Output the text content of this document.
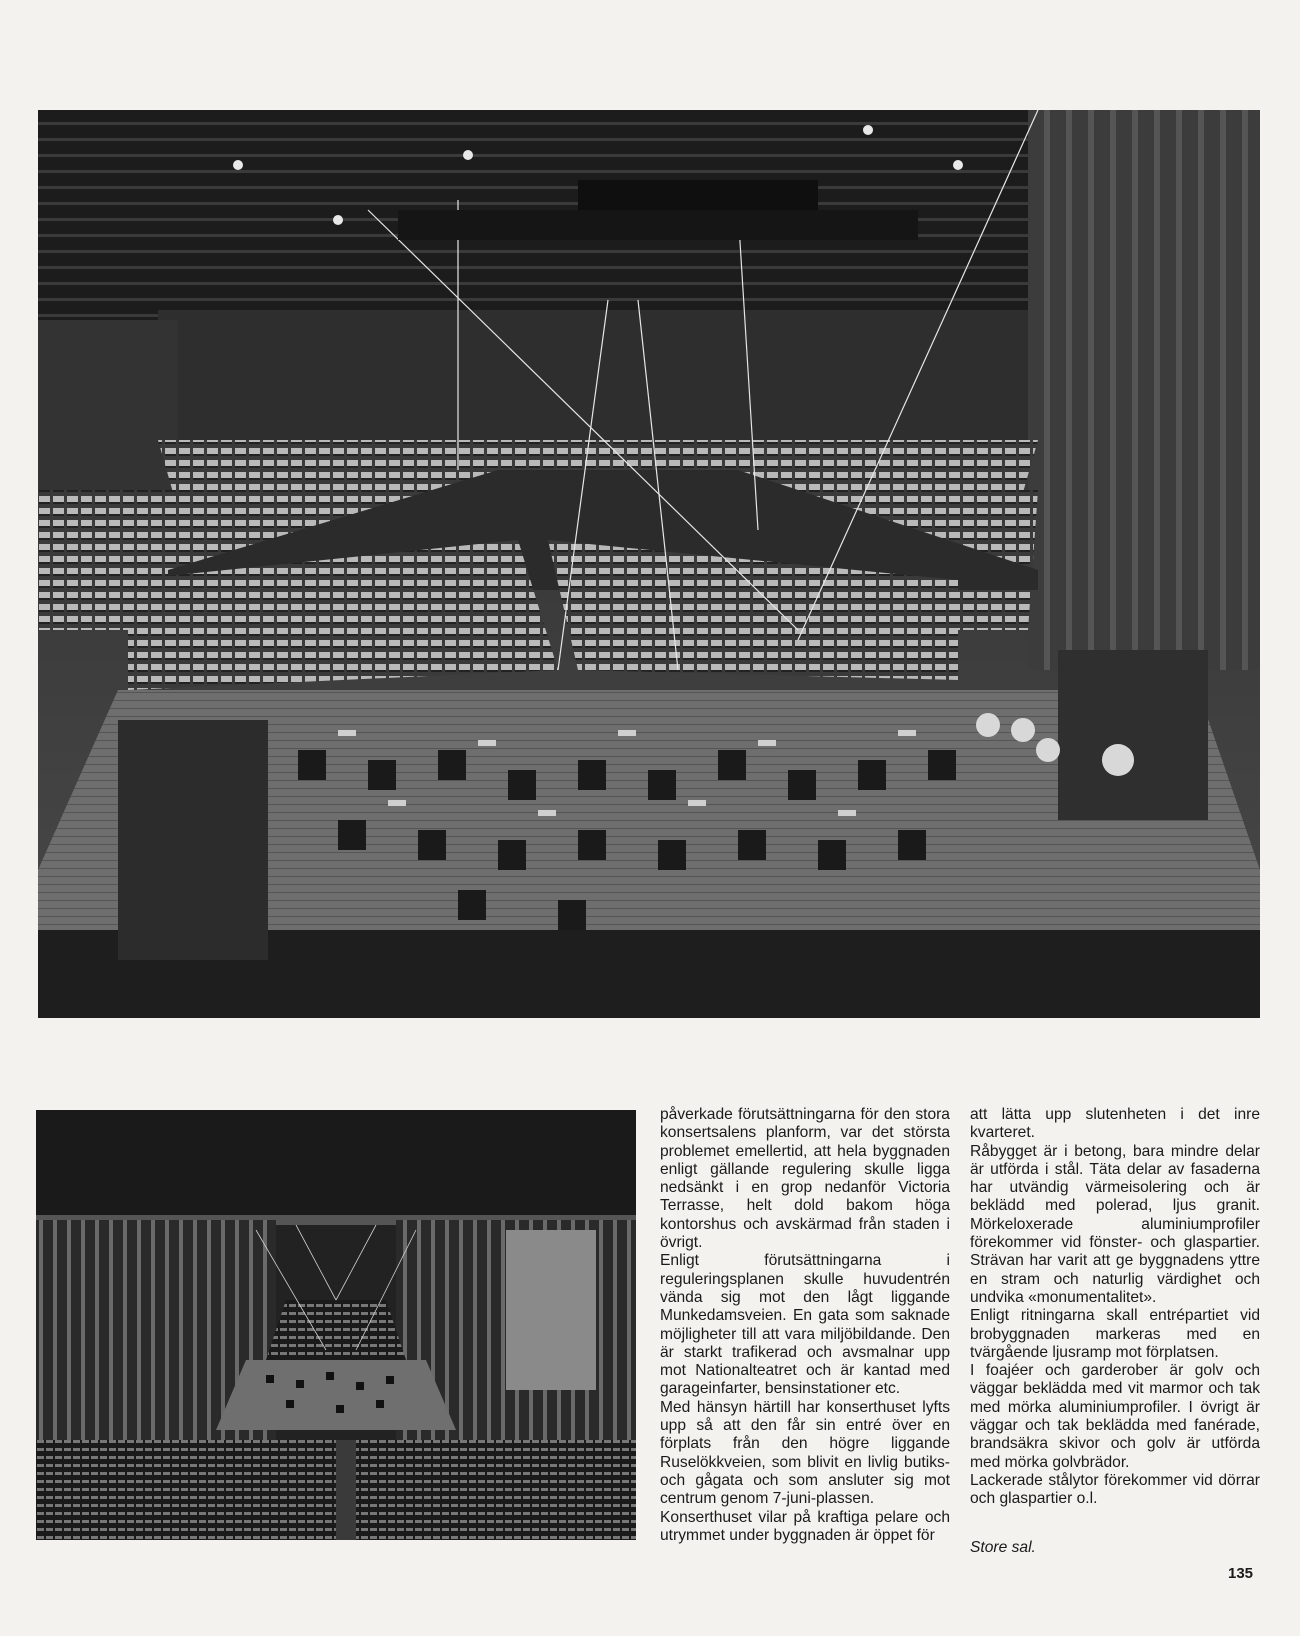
påverkade förutsättningarna för den stora konsertsalens planform, var det största problemet emellertid, att hela byggnaden enligt gällande regulering skulle ligga nedsänkt i en grop nedanför Victoria Terrasse, helt dold bakom höga kontorshus och avskärmad från staden i övrigt.

Enligt förutsättningarna i reguleringsplanen skulle huvudentrén vända sig mot den lågt liggande Munkedamsveien. En gata som saknade möjligheter till att vara miljöbildande. Den är starkt trafikerad och avsmalnar upp mot Nationalteatret och är kantad med garageinfarter, bensinstationer etc.

Med hänsyn härtill har konserthuset lyfts upp så att den får sin entré över en förplats från den högre liggande Ruselökkveien, som blivit en livlig butiks- och gågata och som ansluter sig mot centrum genom 7-juni-plassen.

Konserthuset vilar på kraftiga pelare och utrymmet under byggnaden är öppet för

att lätta upp slutenheten i det inre kvarteret.

Råbygget är i betong, bara mindre delar är utförda i stål. Täta delar av fasaderna har utvändig värmeisolering och är beklädd med polerad, ljus granit. Mörkeloxerade aluminiumprofiler förekommer vid fönster- och glaspartier. Strävan har varit att ge byggnadens yttre en stram och naturlig värdighet och undvika «monumentalitet».

Enligt ritningarna skall entrépartiet vid brobyggnaden markeras med en tvärgående ljusramp mot förplatsen.

I foajéer och garderober är golv och väggar beklädda med vit marmor och tak med mörka aluminiumprofiler. I övrigt är väggar och tak beklädda med fanérade, brandsäkra skivor och golv är utförda med mörka golvbrädor.

Lackerade stålytor förekommer vid dörrar och glaspartier o.l.

Store sal.
135
